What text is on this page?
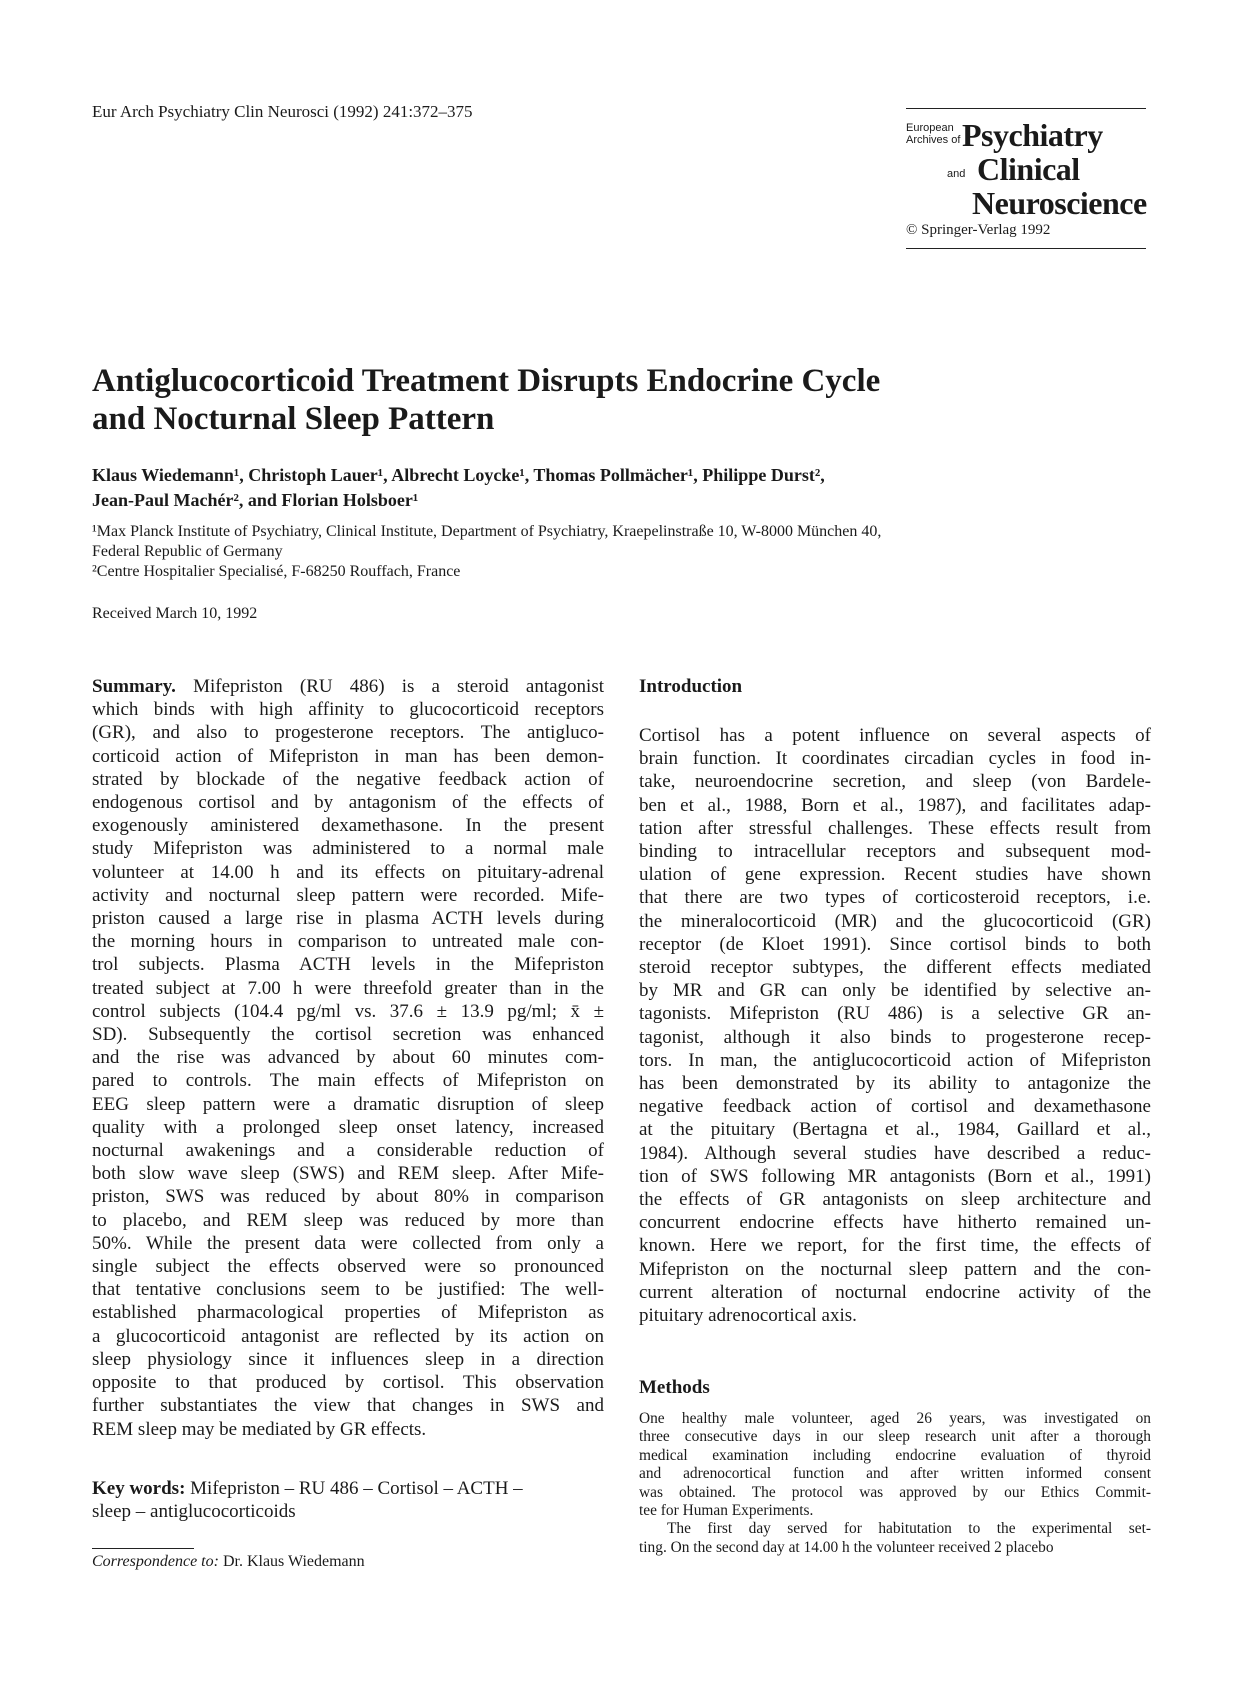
Eur Arch Psychiatry Clin Neurosci (1992) 241:372–375
European
Archives of Psychiatry
and Clinical
Neuroscience
© Springer-Verlag 1992
Antiglucocorticoid Treatment Disrupts Endocrine Cycle
and Nocturnal Sleep Pattern
Klaus Wiedemann¹, Christoph Lauer¹, Albrecht Loycke¹, Thomas Pollmächer¹, Philippe Durst²,
Jean-Paul Machér², and Florian Holsboer¹
¹Max Planck Institute of Psychiatry, Clinical Institute, Department of Psychiatry, Kraepelinstraße 10, W-8000 München 40,
Federal Republic of Germany
²Centre Hospitalier Specialisé, F-68250 Rouffach, France
Received March 10, 1992
Summary. Mifepriston (RU 486) is a steroid antagonist
which binds with high affinity to glucocorticoid receptors
(GR), and also to progesterone receptors. The antigluco-
corticoid action of Mifepriston in man has been demon-
strated by blockade of the negative feedback action of
endogenous cortisol and by antagonism of the effects of
exogenously aministered dexamethasone. In the present
study Mifepriston was administered to a normal male
volunteer at 14.00 h and its effects on pituitary-adrenal
activity and nocturnal sleep pattern were recorded. Mife-
priston caused a large rise in plasma ACTH levels during
the morning hours in comparison to untreated male con-
trol subjects. Plasma ACTH levels in the Mifepriston
treated subject at 7.00 h were threefold greater than in the
control subjects (104.4 pg/ml vs. 37.6 ± 13.9 pg/ml; x̄ ±
SD). Subsequently the cortisol secretion was enhanced
and the rise was advanced by about 60 minutes com-
pared to controls. The main effects of Mifepriston on
EEG sleep pattern were a dramatic disruption of sleep
quality with a prolonged sleep onset latency, increased
nocturnal awakenings and a considerable reduction of
both slow wave sleep (SWS) and REM sleep. After Mife-
priston, SWS was reduced by about 80% in comparison
to placebo, and REM sleep was reduced by more than
50%. While the present data were collected from only a
single subject the effects observed were so pronounced
that tentative conclusions seem to be justified: The well-
established pharmacological properties of Mifepriston as
a glucocorticoid antagonist are reflected by its action on
sleep physiology since it influences sleep in a direction
opposite to that produced by cortisol. This observation
further substantiates the view that changes in SWS and
REM sleep may be mediated by GR effects.
Key words: Mifepriston – RU 486 – Cortisol – ACTH –
sleep – antiglucocorticoids
Correspondence to: Dr. Klaus Wiedemann
Introduction
Cortisol has a potent influence on several aspects of
brain function. It coordinates circadian cycles in food in-
take, neuroendocrine secretion, and sleep (von Bardele-
ben et al., 1988, Born et al., 1987), and facilitates adap-
tation after stressful challenges. These effects result from
binding to intracellular receptors and subsequent mod-
ulation of gene expression. Recent studies have shown
that there are two types of corticosteroid receptors, i.e.
the mineralocorticoid (MR) and the glucocorticoid (GR)
receptor (de Kloet 1991). Since cortisol binds to both
steroid receptor subtypes, the different effects mediated
by MR and GR can only be identified by selective an-
tagonists. Mifepriston (RU 486) is a selective GR an-
tagonist, although it also binds to progesterone recep-
tors. In man, the antiglucocorticoid action of Mifepriston
has been demonstrated by its ability to antagonize the
negative feedback action of cortisol and dexamethasone
at the pituitary (Bertagna et al., 1984, Gaillard et al.,
1984). Although several studies have described a reduc-
tion of SWS following MR antagonists (Born et al., 1991)
the effects of GR antagonists on sleep architecture and
concurrent endocrine effects have hitherto remained un-
known. Here we report, for the first time, the effects of
Mifepriston on the nocturnal sleep pattern and the con-
current alteration of nocturnal endocrine activity of the
pituitary adrenocortical axis.
Methods
One healthy male volunteer, aged 26 years, was investigated on
three consecutive days in our sleep research unit after a thorough
medical examination including endocrine evaluation of thyroid
and adrenocortical function and after written informed consent
was obtained. The protocol was approved by our Ethics Commit-
tee for Human Experiments.
The first day served for habitutation to the experimental set-
ting. On the second day at 14.00 h the volunteer received 2 placebo
